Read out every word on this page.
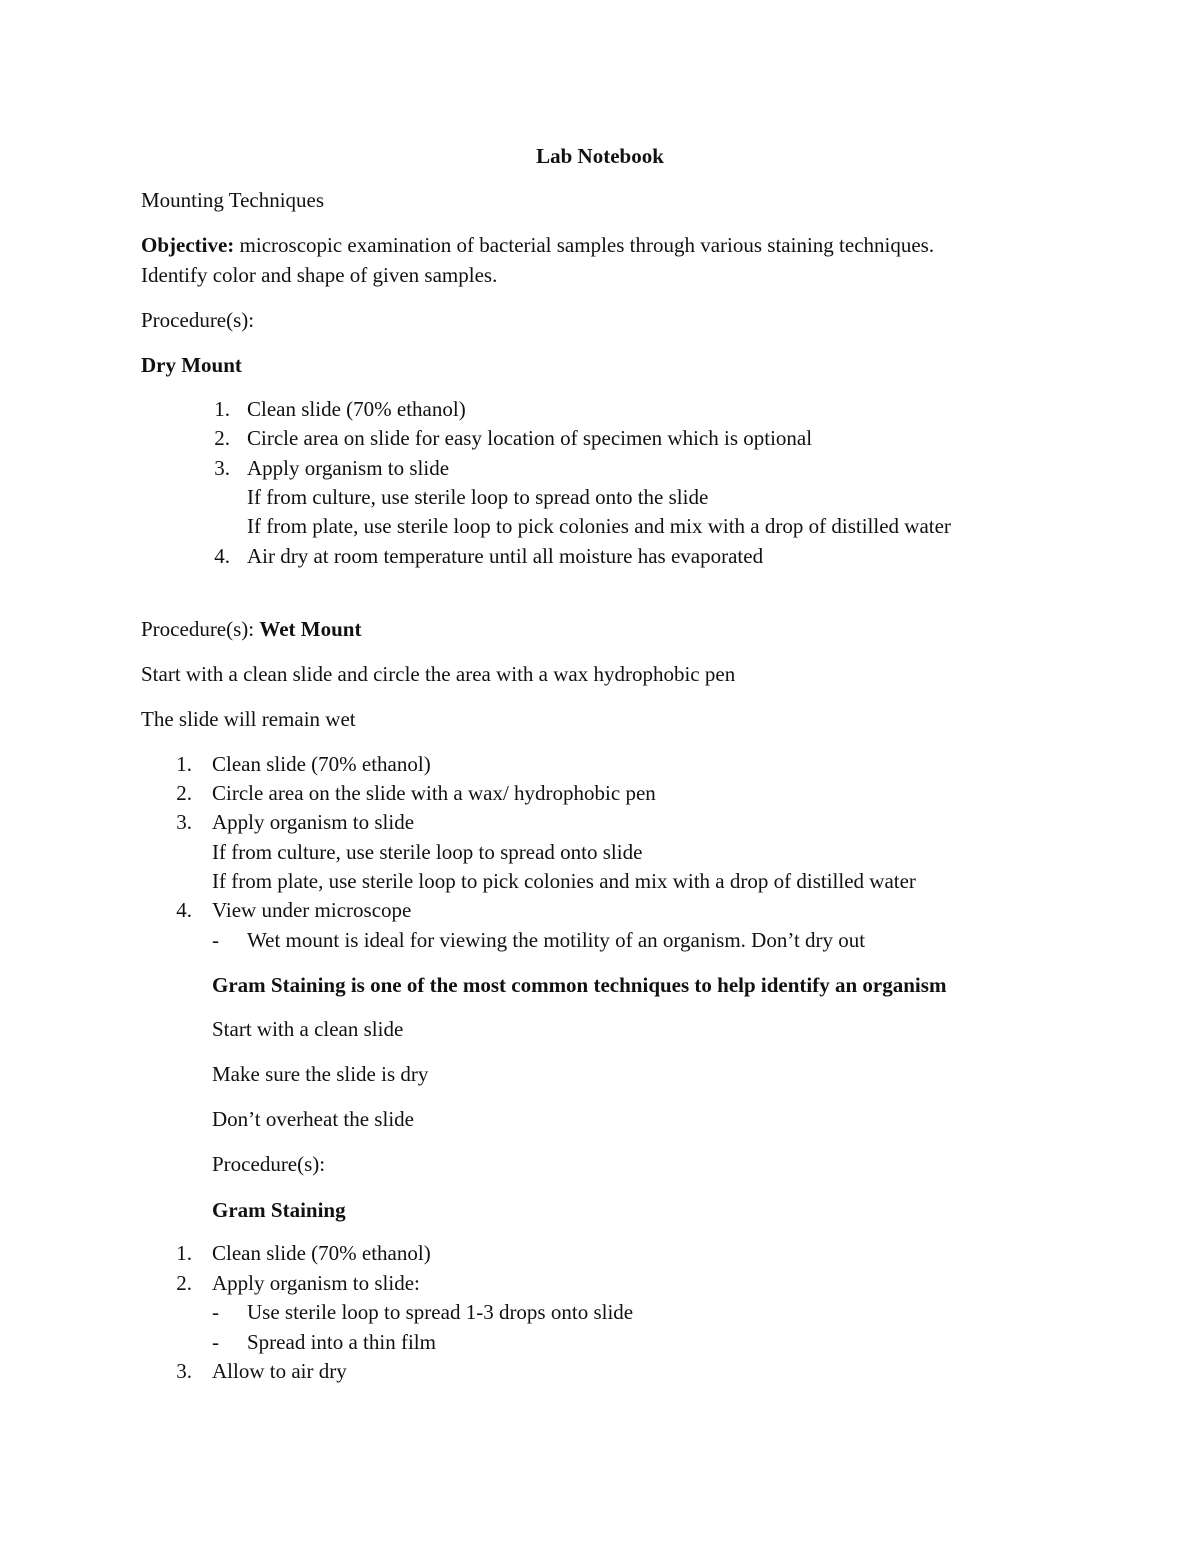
Lab Notebook
Mounting Techniques
Objective: microscopic examination of bacterial samples through various staining techniques.
Identify color and shape of given samples.
Procedure(s):
Dry Mount
1. Clean slide (70% ethanol)
2. Circle area on slide for easy location of specimen which is optional
3. Apply organism to slide
If from culture, use sterile loop to spread onto the slide
If from plate, use sterile loop to pick colonies and mix with a drop of distilled water
4. Air dry at room temperature until all moisture has evaporated
Procedure(s): Wet Mount
Start with a clean slide and circle the area with a wax hydrophobic pen
The slide will remain wet
1. Clean slide (70% ethanol)
2. Circle area on the slide with a wax/ hydrophobic pen
3. Apply organism to slide
If from culture, use sterile loop to spread onto slide
If from plate, use sterile loop to pick colonies and mix with a drop of distilled water
4. View under microscope
- Wet mount is ideal for viewing the motility of an organism. Don’t dry out
Gram Staining is one of the most common techniques to help identify an organism
Start with a clean slide
Make sure the slide is dry
Don’t overheat the slide
Procedure(s):
Gram Staining
1. Clean slide (70% ethanol)
2. Apply organism to slide:
- Use sterile loop to spread 1-3 drops onto slide
- Spread into a thin film
3. Allow to air dry
